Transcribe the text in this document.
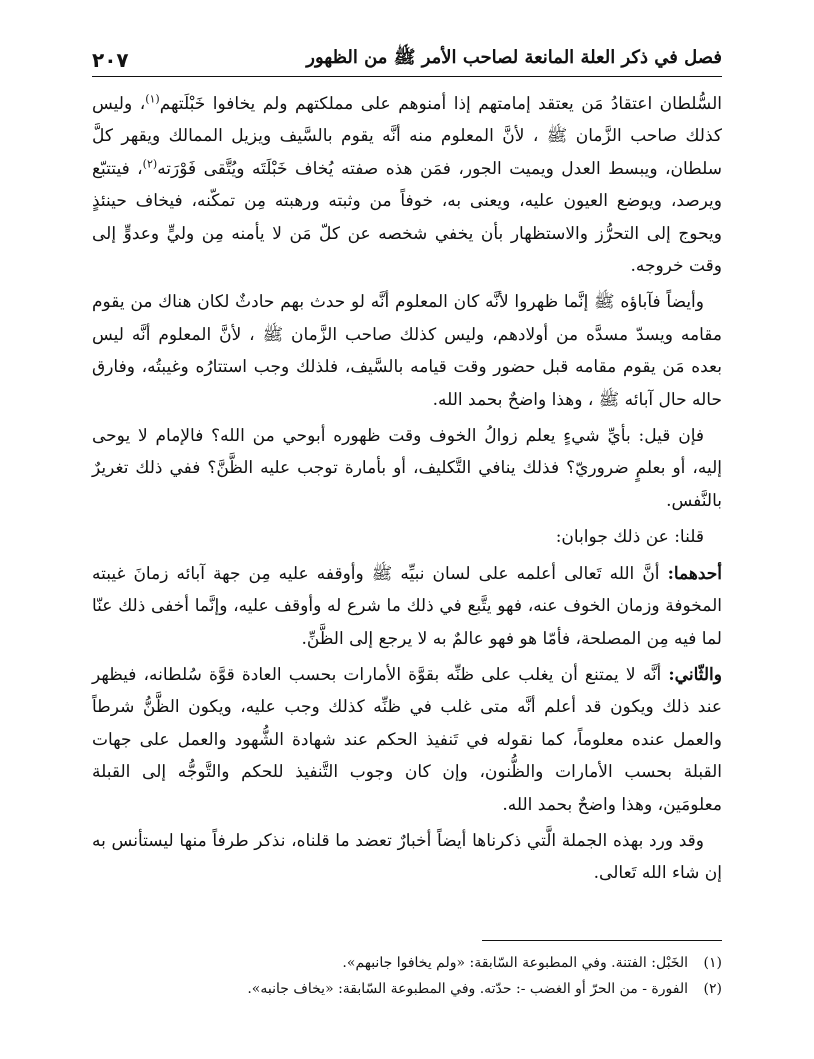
فصل في ذكر العلة المانعة لصاحب الأمر ﷺ من الظهور
٢٠٧

السُّلطان اعتقادُ مَن يعتقد إمامتهم إذا أمنوهم على مملكتهم ولم يخافوا خَبْلَتهم$^{(١)}$، وليس كذلك صاحب الزَّمان ﷺ ، لأنَّ المعلوم منه أنَّه يقوم بالسَّيف ويزيل الممالك ويقهر كلَّ سلطان، ويبسط العدل ويميت الجور، فمَن هذه صفته يُخاف خَبْلَتَه ويُتَّقى فَوْرَته$^{(٢)}$، فيتتبّع ويرصد، ويوضع العيون عليه، ويعنى به، خوفاً من وثبته ورهبته مِن تمكّنه، فيخاف حينئذٍ ويحوج إلى التحرُّز والاستظهار بأن يخفي شخصه عن كلّ مَن لا يأمنه مِن وليٍّ وعدوٍّ إلى وقت خروجه.

وأيضاً فآباؤه ﷺ إنَّما ظهروا لأنَّه كان المعلوم أنَّه لو حدث بهم حادثٌ لكان هناك من يقوم مقامه ويسدّ مسدَّه من أولادهم، وليس كذلك صاحب الزَّمان ﷺ ، لأنَّ المعلوم أنَّه ليس بعده مَن يقوم مقامه قبل حضور وقت قيامه بالسَّيف، فلذلك وجب استتارُه وغيبتُه، وفارق حاله حال آبائه ﷺ ، وهذا واضحٌ بحمد الله.

فإن قيل: بأيِّ شيءٍ يعلم زوالُ الخوف وقت ظهوره أبوحي من الله؟ فالإمام لا يوحى إليه، أو بعلمٍ ضروريّ؟ فذلك ينافي التَّكليف، أو بأمارة توجب عليه الظَّنَّ؟ ففي ذلك تغريرٌ بالنَّفس.

قلنا: عن ذلك جوابان:

أحدهما: أنَّ الله تَعالى أعلمه على لسان نبيِّه ﷺ وأوقفه عليه مِن جهة آبائه زمانَ غيبته المخوفة وزمان الخوف عنه، فهو يتَّبع في ذلك ما شرع له وأوقف عليه، وإنَّما أخفى ذلك عنّا لما فيه مِن المصلحة، فأمّا هو فهو عالمٌ به لا يرجع إلى الظَّنِّ.

والثّاني: أنَّه لا يمتنع أن يغلب على ظنِّه بقوَّة الأمارات بحسب العادة قوَّة سُلطانه، فيظهر عند ذلك ويكون قد أعلم أنَّه متى غلب في ظنِّه كذلك وجب عليه، ويكون الظَّنُّ شرطاً والعمل عنده معلوماً، كما نقوله في تَنفيذ الحكم عند شهادة الشُّهود والعمل على جهات القبلة بحسب الأمارات والظُّنون، وإن كان وجوب التَّنفيذ للحكم والتَّوجُّه إلى القبلة معلومَين، وهذا واضحٌ بحمد الله.

وقد ورد بهذه الجملة الَّتي ذكرناها أيضاً أخبارٌ تعضد ما قلناه، نذكر طرفاً منها ليستأنس به إن شاء الله تَعالى.

(١)
الخَبْل: الفتنة. وفي المطبوعة السّابقة: «ولم يخافوا جانبهم».
(٢)
الفورة - من الحرّ أو الغضب -: حدّته. وفي المطبوعة السّابقة: «يخاف جانبه».
